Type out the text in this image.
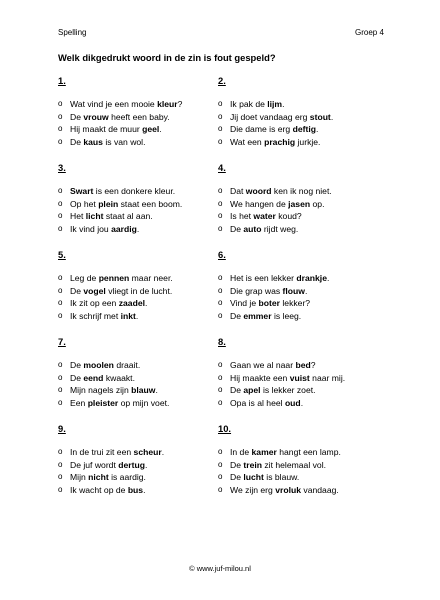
Spelling	Groep 4
Welk dikgedrukt woord in de zin is fout gespeld?
1.
o Wat vind je een mooie kleur?
o De vrouw heeft een baby.
o Hij maakt de muur geel.
o De kaus is van wol.
2.
o Ik pak de lijm.
o Jij doet vandaag erg stout.
o Die dame is erg deftig.
o Wat een prachig jurkje.
3.
o Swart is een donkere kleur.
o Op het plein staat een boom.
o Het licht staat al aan.
o Ik vind jou aardig.
4.
o Dat woord ken ik nog niet.
o We hangen de jasen op.
o Is het water koud?
o De auto rijdt weg.
5.
o Leg de pennen maar neer.
o De vogel vliegt in de lucht.
o Ik zit op een zaadel.
o Ik schrijf met inkt.
6.
o Het is een lekker drankje.
o Die grap was flouw.
o Vind je boter lekker?
o De emmer is leeg.
7.
o De moolen draait.
o De eend kwaakt.
o Mijn nagels zijn blauw.
o Een pleister op mijn voet.
8.
o Gaan we al naar bed?
o Hij maakte een vuist naar mij.
o De apel is lekker zoet.
o Opa is al heel oud.
9.
o In de trui zit een scheur.
o De juf wordt dertug.
o Mijn nicht is aardig.
o Ik wacht op de bus.
10.
o In de kamer hangt een lamp.
o De trein zit helemaal vol.
o De lucht is blauw.
o We zijn erg vroluk vandaag.
© www.juf-milou.nl
